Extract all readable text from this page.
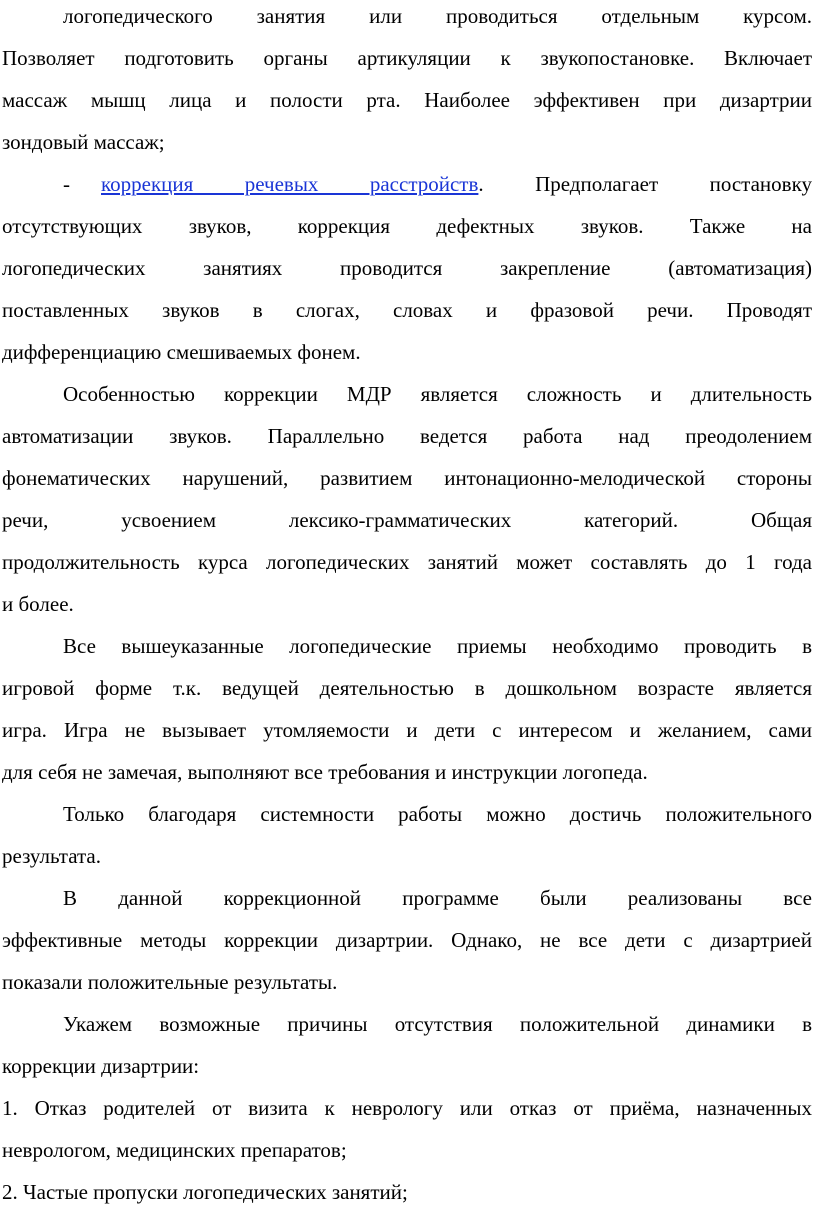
логопедического занятия или проводиться отдельным курсом.
Позволяет подготовить органы артикуляции к звукопостановке. Включает
массаж мышц лица и полости рта. Наиболее эффективен при дизартрии
зондовый массаж;
- коррекция речевых расстройств. Предполагает постановку
отсутствующих звуков, коррекция дефектных звуков. Также на
логопедических занятиях проводится закрепление (автоматизация)
поставленных звуков в слогах, словах и фразовой речи. Проводят
дифференциацию смешиваемых фонем.
Особенностью коррекции МДР является сложность и длительность
автоматизации звуков. Параллельно ведется работа над преодолением
фонематических нарушений, развитием интонационно-мелодической стороны
речи, усвоением лексико-грамматических категорий. Общая
продолжительность курса логопедических занятий может составлять до 1 года
и более.
Все вышеуказанные логопедические приемы необходимо проводить в
игровой форме т.к. ведущей деятельностью в дошкольном возрасте является
игра. Игра не вызывает утомляемости и дети с интересом и желанием, сами
для себя не замечая, выполняют все требования и инструкции логопеда.
Только благодаря системности работы можно достичь положительного
результата.
В данной коррекционной программе были реализованы все
эффективные методы коррекции дизартрии. Однако, не все дети с дизартрией
показали положительные результаты.
Укажем возможные причины отсутствия положительной динамики в
коррекции дизартрии:
1. Отказ родителей от визита к неврологу или отказ от приёма, назначенных
неврологом, медицинских препаратов;
2. Частые пропуски логопедических занятий;
